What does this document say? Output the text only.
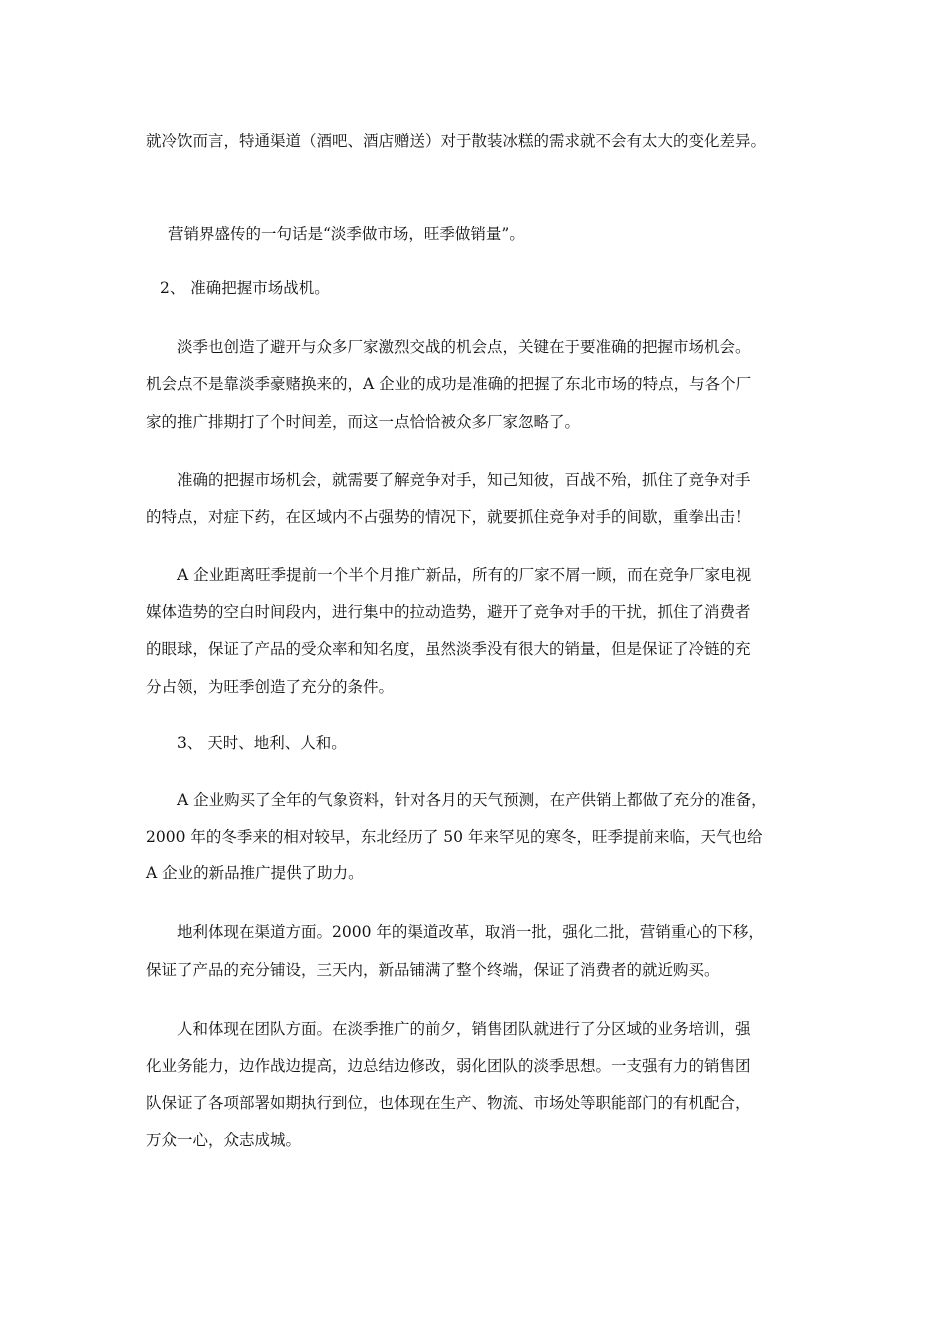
就冷饮而言，特通渠道（酒吧、酒店赠送）对于散装冰糕的需求就不会有太大的变化差异。
营销界盛传的一句话是“淡季做市场，旺季做销量”。
2、 准确把握市场战机。
淡季也创造了避开与众多厂家激烈交战的机会点，关键在于要准确的把握市场机会。
机会点不是靠淡季豪赌换来的，A 企业的成功是准确的把握了东北市场的特点，与各个厂
家的推广排期打了个时间差，而这一点恰恰被众多厂家忽略了。
准确的把握市场机会，就需要了解竞争对手，知己知彼，百战不殆，抓住了竞争对手
的特点，对症下药，在区域内不占强势的情况下，就要抓住竞争对手的间歇，重拳出击！
A 企业距离旺季提前一个半个月推广新品，所有的厂家不屑一顾，而在竞争厂家电视
媒体造势的空白时间段内，进行集中的拉动造势，避开了竞争对手的干扰，抓住了消费者
的眼球，保证了产品的受众率和知名度，虽然淡季没有很大的销量，但是保证了冷链的充
分占领，为旺季创造了充分的条件。
3、 天时、地利、人和。
A 企业购买了全年的气象资料，针对各月的天气预测，在产供销上都做了充分的准备，
2000 年的冬季来的相对较早，东北经历了 50 年来罕见的寒冬，旺季提前来临，天气也给
A 企业的新品推广提供了助力。
地利体现在渠道方面。2000 年的渠道改革，取消一批，强化二批，营销重心的下移，
保证了产品的充分铺设，三天内，新品铺满了整个终端，保证了消费者的就近购买。
人和体现在团队方面。在淡季推广的前夕，销售团队就进行了分区域的业务培训，强
化业务能力，边作战边提高，边总结边修改，弱化团队的淡季思想。一支强有力的销售团
队保证了各项部署如期执行到位，也体现在生产、物流、市场处等职能部门的有机配合，
万众一心，众志成城。
